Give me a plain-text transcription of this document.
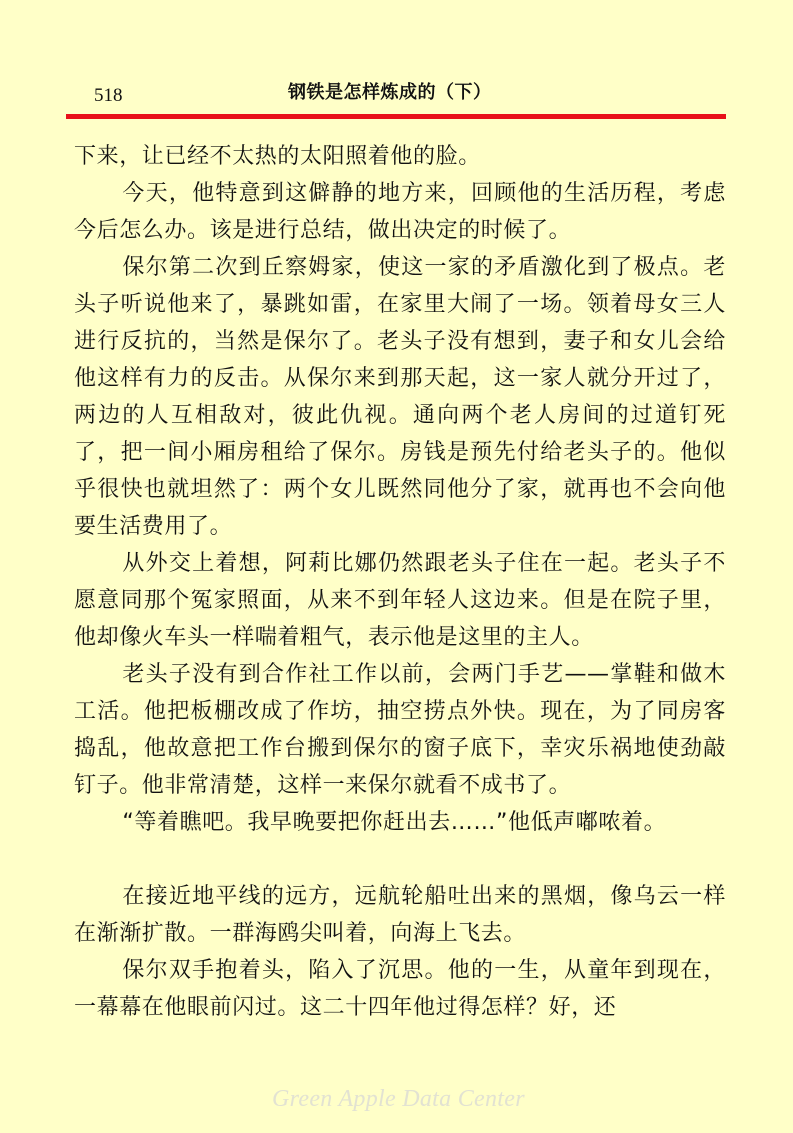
518	钢铁是怎样炼成的（下）

下来，让已经不太热的太阳照着他的脸。

今天，他特意到这僻静的地方来，回顾他的生活历程，考虑今后怎么办。该是进行总结，做出决定的时候了。

保尔第二次到丘察姆家，使这一家的矛盾激化到了极点。老头子听说他来了，暴跳如雷，在家里大闹了一场。领着母女三人进行反抗的，当然是保尔了。老头子没有想到，妻子和女儿会给他这样有力的反击。从保尔来到那天起，这一家人就分开过了，两边的人互相敌对，彼此仇视。通向两个老人房间的过道钉死了，把一间小厢房租给了保尔。房钱是预先付给老头子的。他似乎很快也就坦然了：两个女儿既然同他分了家，就再也不会向他要生活费用了。

从外交上着想，阿莉比娜仍然跟老头子住在一起。老头子不愿意同那个冤家照面，从来不到年轻人这边来。但是在院子里，他却像火车头一样喘着粗气，表示他是这里的主人。

老头子没有到合作社工作以前，会两门手艺——掌鞋和做木工活。他把板棚改成了作坊，抽空捞点外快。现在，为了同房客捣乱，他故意把工作台搬到保尔的窗子底下，幸灾乐祸地使劲敲钉子。他非常清楚，这样一来保尔就看不成书了。

“等着瞧吧。我早晚要把你赶出去……”他低声嘟哝着。

在接近地平线的远方，远航轮船吐出来的黑烟，像乌云一样在渐渐扩散。一群海鸥尖叫着，向海上飞去。

保尔双手抱着头，陷入了沉思。他的一生，从童年到现在，一幕幕在他眼前闪过。这二十四年他过得怎样？好，还

Green Apple Data Center
